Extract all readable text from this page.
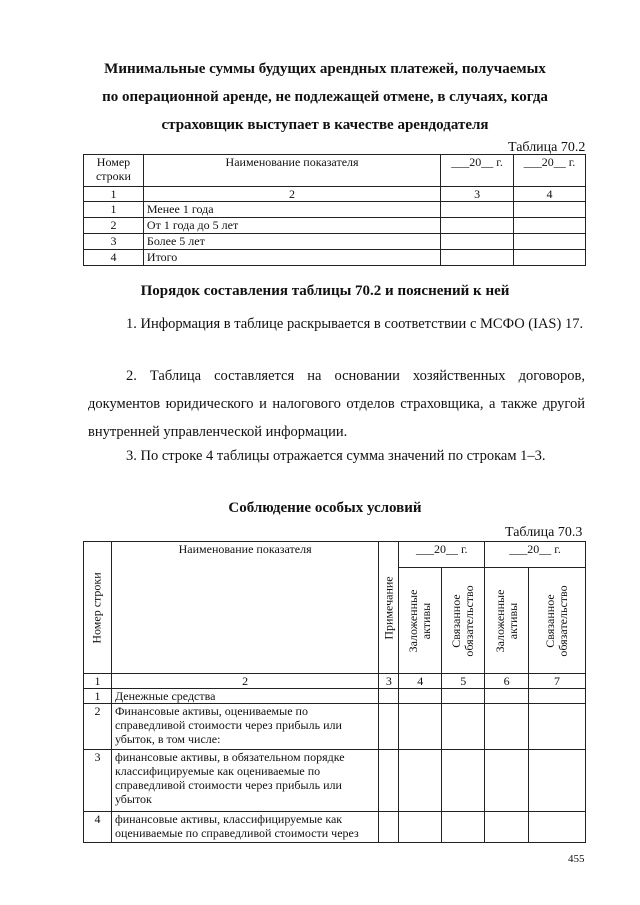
Минимальные суммы будущих арендных платежей, получаемых
по операционной аренде, не подлежащей отмене, в случаях, когда
страховщик выступает в качестве арендодателя
Таблица 70.2
Номер строки	Наименование показателя	___20__ г.	___20__ г.
1	2	3	4
1	Менее 1 года		
2	От 1 года до 5 лет		
3	Более 5 лет		
4	Итого		
Порядок составления таблицы 70.2 и пояснений к ней
1. Информация в таблице раскрывается в соответствии с МСФО (IAS) 17.
2. Таблица составляется на основании хозяйственных договоров, документов юридического и налогового отделов страховщика, а также другой внутренней управленческой информации.
3. По строке 4 таблицы отражается сумма значений по строкам 1–3.
Соблюдение особых условий
Таблица 70.3
Номер строки	Наименование показателя	Примечание	___20__ г.		___20__ г.	

			Заложенные активы	Связанное обязательство	Заложенные активы	Связанное обязательство

1	2	3	4	5	6	7
1	Денежные средства					
2	Финансовые активы, оцениваемые по справедливой стоимости через прибыль или убыток, в том числе:					
3	финансовые активы, в обязательном порядке классифицируемые как оцениваемые по справедливой стоимости через прибыль или убыток					
4	финансовые активы, классифицируемые как оцениваемые по справедливой стоимости через					
455
